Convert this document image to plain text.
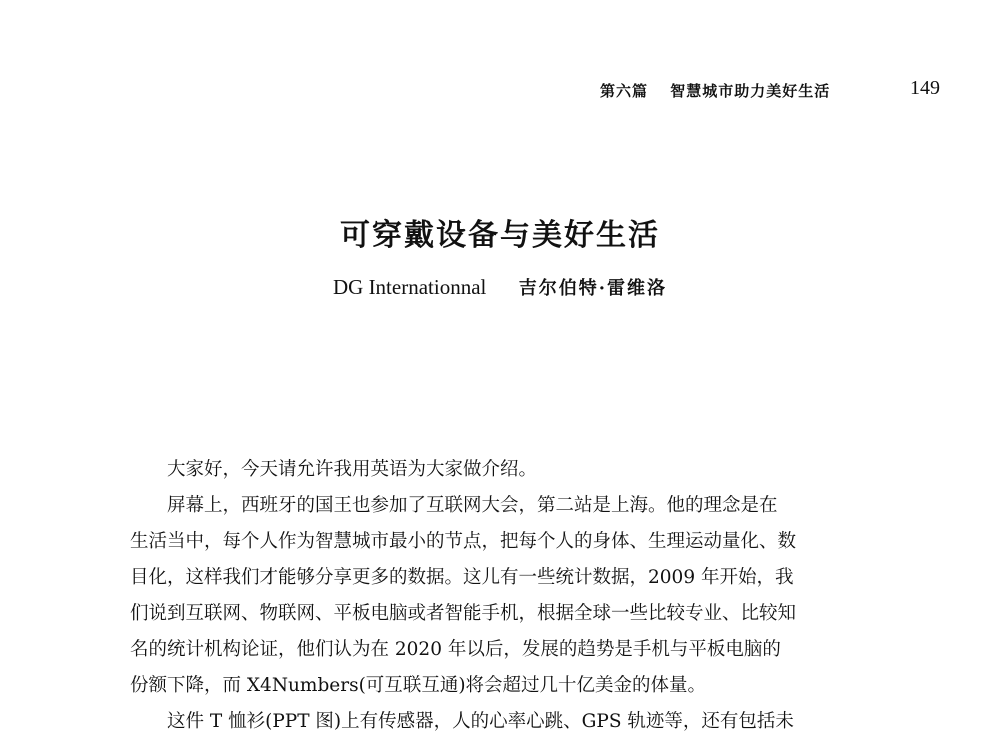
第六篇 智慧城市助力美好生活	149
可穿戴设备与美好生活
DG Internationnal 吉尔伯特·雷维洛

大家好，今天请允许我用英语为大家做介绍。

屏幕上，西班牙的国王也参加了互联网大会，第二站是上海。他的理念是在
生活当中，每个人作为智慧城市最小的节点，把每个人的身体、生理运动量化、数
目化，这样我们才能够分享更多的数据。这儿有一些统计数据，2009 年开始，我
们说到互联网、物联网、平板电脑或者智能手机，根据全球一些比较专业、比较知
名的统计机构论证，他们认为在 2020 年以后，发展的趋势是手机与平板电脑的
份额下降，而 X4Numbers(可互联互通)将会超过几十亿美金的体量。

这件 T 恤衫(PPT 图)上有传感器，人的心率心跳、GPS 轨迹等，还有包括未
